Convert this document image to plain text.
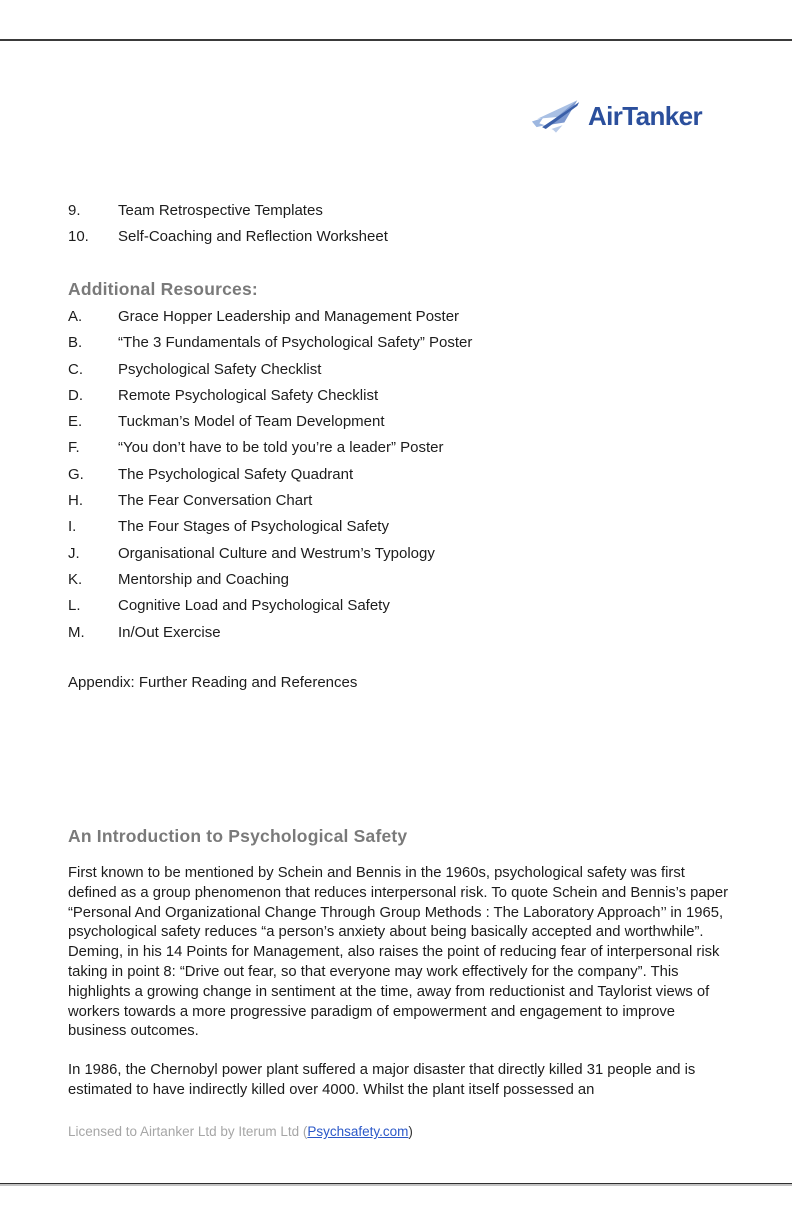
AirTanker
9.	Team Retrospective Templates
10.	Self-Coaching and Reflection Worksheet
Additional Resources:
A.	Grace Hopper Leadership and Management Poster
B.	“The 3 Fundamentals of Psychological Safety” Poster
C.	Psychological Safety Checklist
D.	Remote Psychological Safety Checklist
E.	Tuckman’s Model of Team Development
F.	“You don’t have to be told you’re a leader” Poster
G.	The Psychological Safety Quadrant
H.	The Fear Conversation Chart
I.	The Four Stages of Psychological Safety
J.	Organisational Culture and Westrum’s Typology
K.	Mentorship and Coaching
L.	Cognitive Load and Psychological Safety
M.	In/Out Exercise
Appendix: Further Reading and References
An Introduction to Psychological Safety

First known to be mentioned by Schein and Bennis in the 1960s, psychological safety was first defined as a group phenomenon that reduces interpersonal risk. To quote Schein and Bennis’s paper “Personal And Organizational Change Through Group Methods : The Laboratory Approach’’ in 1965, psychological safety reduces “a person’s anxiety about being basically accepted and worthwhile”. Deming, in his 14 Points for Management, also raises the point of reducing fear of interpersonal risk taking in point 8: “Drive out fear, so that everyone may work effectively for the company”. This highlights a growing change in sentiment at the time, away from reductionist and Taylorist views of workers towards a more progressive paradigm of empowerment and engagement to improve business outcomes.

In 1986, the Chernobyl power plant suffered a major disaster that directly killed 31 people and is estimated to have indirectly killed over 4000. Whilst the plant itself possessed an

Licensed to Airtanker Ltd by Iterum Ltd (Psychsafety.com)
